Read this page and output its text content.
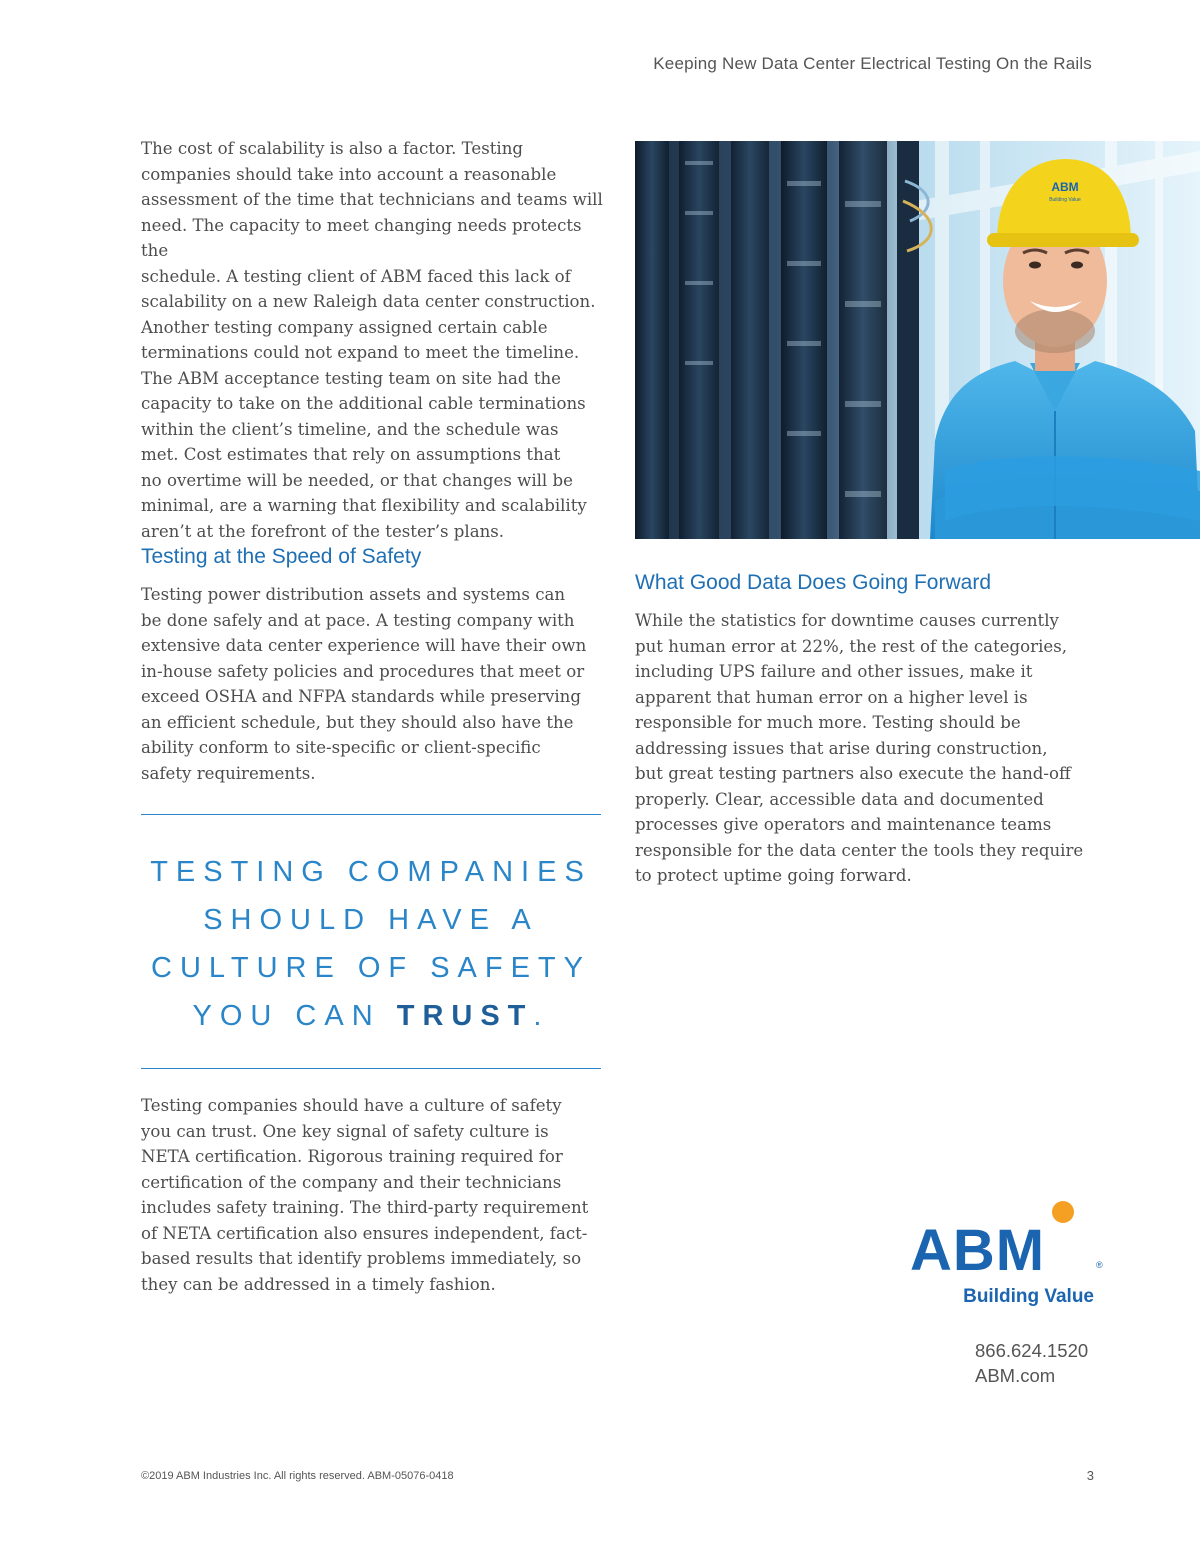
Keeping New Data Center Electrical Testing On the Rails
The cost of scalability is also a factor. Testing
companies should take into account a reasonable
assessment of the time that technicians and teams will
need. The capacity to meet changing needs protects the
schedule. A testing client of ABM faced this lack of
scalability on a new Raleigh data center construction.
Another testing company assigned certain cable
terminations could not expand to meet the timeline.
The ABM acceptance testing team on site had the
capacity to take on the additional cable terminations
within the client’s timeline, and the schedule was
met. Cost estimates that rely on assumptions that
no overtime will be needed, or that changes will be
minimal, are a warning that flexibility and scalability
aren’t at the forefront of the tester’s plans.
Testing at the Speed of Safety
Testing power distribution assets and systems can
be done safely and at pace. A testing company with
extensive data center experience will have their own
in-house safety policies and procedures that meet or
exceed OSHA and NFPA standards while preserving
an efficient schedule, but they should also have the
ability conform to site-specific or client-specific
safety requirements.
TESTING COMPANIES
SHOULD HAVE A
CULTURE OF SAFETY
YOU CAN TRUST.
Testing companies should have a culture of safety
you can trust. One key signal of safety culture is
NETA certification. Rigorous training required for
certification of the company and their technicians
includes safety training. The third-party requirement
of NETA certification also ensures independent, fact-
based results that identify problems immediately, so
they can be addressed in a timely fashion.
ABM
Building Value
What Good Data Does Going Forward
While the statistics for downtime causes currently
put human error at 22%, the rest of the categories,
including UPS failure and other issues, make it
apparent that human error on a higher level is
responsible for much more. Testing should be
addressing issues that arise during construction,
but great testing partners also execute the hand-off
properly. Clear, accessible data and documented
processes give operators and maintenance teams
responsible for the data center the tools they require
to protect uptime going forward.
ABM	®
Building Value
866.624.1520
ABM.com
©2019 ABM Industries Inc. All rights reserved. ABM-05076-0418	3
